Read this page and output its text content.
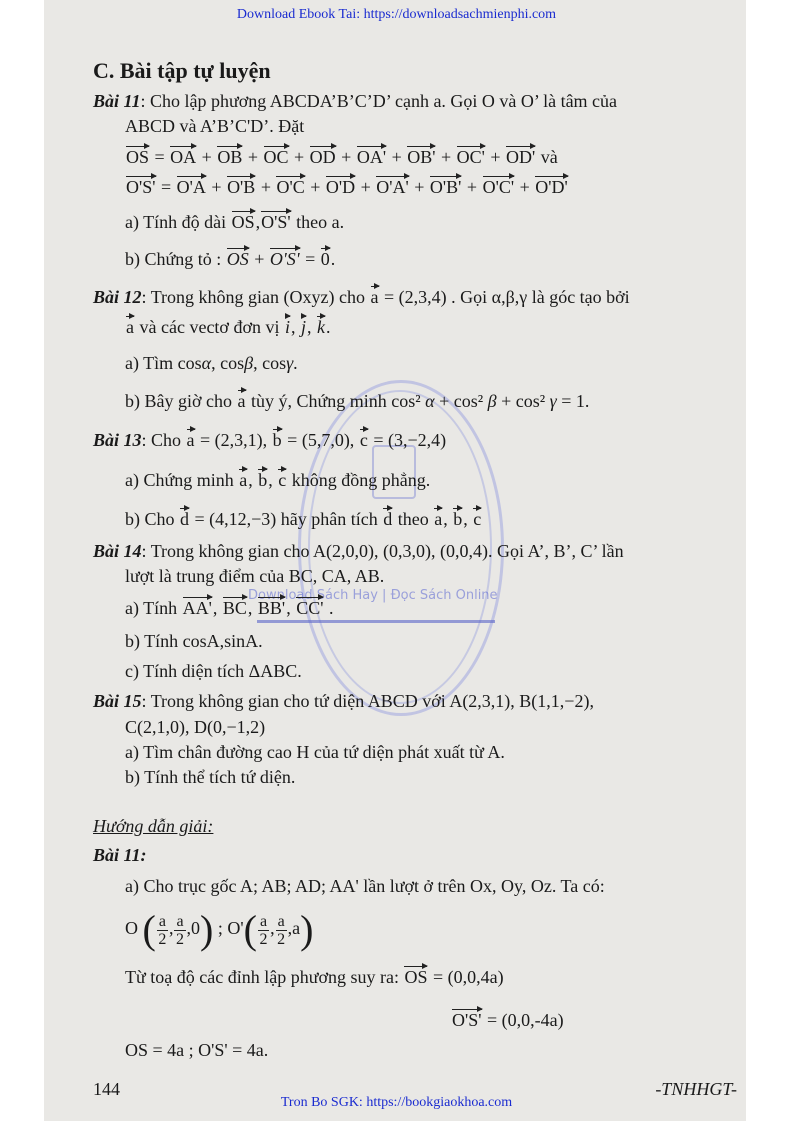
Download Sách Hay | Đọc Sách Online
Download Ebook Tai: https://downloadsachmienphi.com
C. Bài tập tự luyện
Bài 11: Cho lập phương ABCDA’B’C’D’ cạnh a. Gọi O và O’ là tâm của
ABCD và A’B’C'D’. Đặt
OS = OA + OB + OC + OD + OA' + OB' + OC' + OD' và
O'S' = O'A + O'B + O'C + O'D + O'A' + O'B' + O'C' + O'D'
a) Tính độ dài OS,O'S' theo a.
b) Chứng tỏ : OS + O'S' = 0.
Bài 12: Trong không gian (Oxyz) cho a = (2,3,4) . Gọi α,β,γ là góc tạo bởi
a và các vectơ đơn vị i, j, k.
a) Tìm cosα, cosβ, cosγ.
b) Bây giờ cho a tùy ý, Chứng minh cos² α + cos² β + cos² γ = 1.
Bài 13: Cho a = (2,3,1), b = (5,7,0), c = (3,−2,4)
a) Chứng minh a, b, c không đồng phẳng.
b) Cho d = (4,12,−3) hãy phân tích d theo a, b, c
Bài 14: Trong không gian cho A(2,0,0), (0,3,0), (0,0,4). Gọi A’, B’, C’ lần
lượt là trung điểm của BC, CA, AB.
a) Tính AA', BC, BB', CC' .
b) Tính cosA,sinA.
c) Tính diện tích ΔABC.
Bài 15: Trong không gian cho tứ diện ABCD với A(2,3,1), B(1,1,−2),
C(2,1,0), D(0,−1,2)
a) Tìm chân đường cao H của tứ diện phát xuất từ A.
b) Tính thể tích tứ diện.
Hướng dẫn giải:
Bài 11:
a) Cho trục gốc A; AB; AD; AA' lần lượt ở trên Ox, Oy, Oz. Ta có:
O ( $\frac{a}{2}$ , $\frac{a}{2} ,0$) ; $O'( \frac{a}{2}$ , $\frac{a}{2} ,a$)
Từ toạ độ các đỉnh lập phương suy ra: OS = (0,0,4a)
O'S' = (0,0,-4a)
OS = 4a ; O'S' = 4a.
144	-TNHHGT-
Tron Bo SGK: https://bookgiaokhoa.com
